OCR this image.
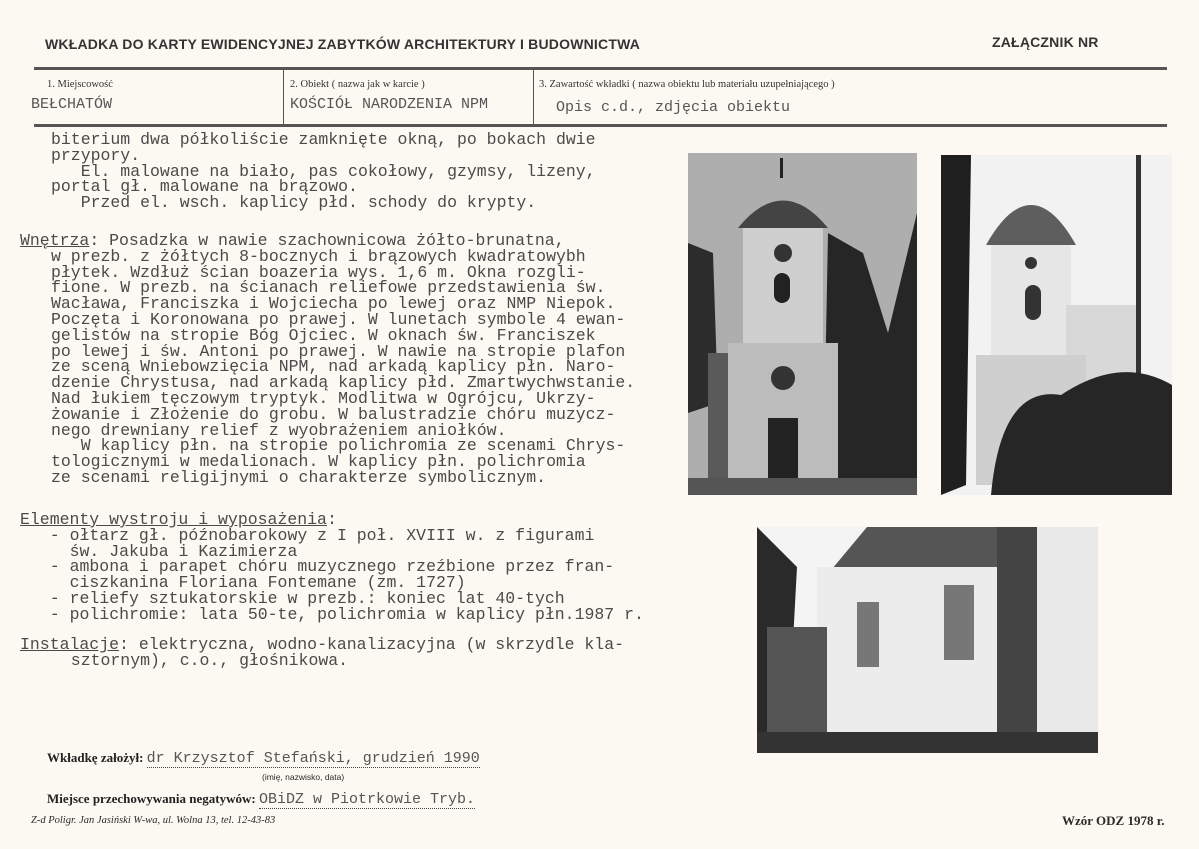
WKŁADKA DO KARTY EWIDENCYJNEJ ZABYTKÓW ARCHITEKTURY I BUDOWNICTWA	ZAŁĄCZNIK NR
1. Miejscowość
BEŁCHATÓW
2. Obiekt ( nazwa jak w karcie )
KOŚCIÓŁ NARODZENIA NPM
3. Zawartość wkładki ( nazwa obiektu lub materiału uzupełniającego )
Opis c.d., zdjęcia obiektu
biterium dwa półkoliście zamknięte okną, po bokach dwie
przypory.
El. malowane na biało, pas cokołowy, gzymsy, lizeny,
portal gł. malowane na brązowo.
Przed el. wsch. kaplicy płd. schody do krypty.
Wnętrza: Posadzka w nawie szachownicowa żółto-brunatna,
w prezb. z żółtych 8-bocznych i brązowych kwadratowybh
płytek. Wzdłuż ścian boazeria wys. 1,6 m. Okna rozgli-
fione. W prezb. na ścianach reliefowe przedstawienia św.
Wacława, Franciszka i Wojciecha po lewej oraz NMP Niepok.
Poczęta i Koronowana po prawej. W lunetach symbole 4 ewan-
gelistów na stropie Bóg Ojciec. W oknach św. Franciszek
po lewej i św. Antoni po prawej. W nawie na stropie plafon
ze sceną Wniebowzięcia NPM, nad arkadą kaplicy płn. Naro-
dzenie Chrystusa, nad arkadą kaplicy płd. Zmartwychwstanie.
Nad łukiem tęczowym tryptyk. Modlitwa w Ogrójcu, Ukrzy-
żowanie i Złożenie do grobu. W balustradzie chóru muzycz-
nego drewniany relief z wyobrażeniem aniołków.
W kaplicy płn. na stropie polichromia ze scenami Chrys-
tologicznymi w medalionach. W kaplicy płn. polichromia
ze scenami religijnymi o charakterze symbolicznym.
Elementy wystroju i wyposażenia:
- ołtarz gł. późnobarokowy z I poł. XVIII w. z figurami
św. Jakuba i Kazimierza
- ambona i parapet chóru muzycznego rzeźbione przez fran-
ciszkanina Floriana Fontemane (zm. 1727)
- reliefy sztukatorskie w prezb.: koniec lat 40-tych
- polichromie: lata 50-te, polichromia w kaplicy płn.1987 r.
Instalacje: elektryczna, wodno-kanalizacyjna (w skrzydle kla-
sztornym), c.o., głośnikowa.
Wkładkę założył: dr Krzysztof Stefański, grudzień 1990
(imię, nazwisko, data)
Miejsce przechowywania negatywów: OBiDZ w Piotrkowie Tryb.
Z-d Poligr. Jan Jasiński W-wa, ul. Wolna 13, tel. 12-43-83	Wzór ODZ 1978 r.
